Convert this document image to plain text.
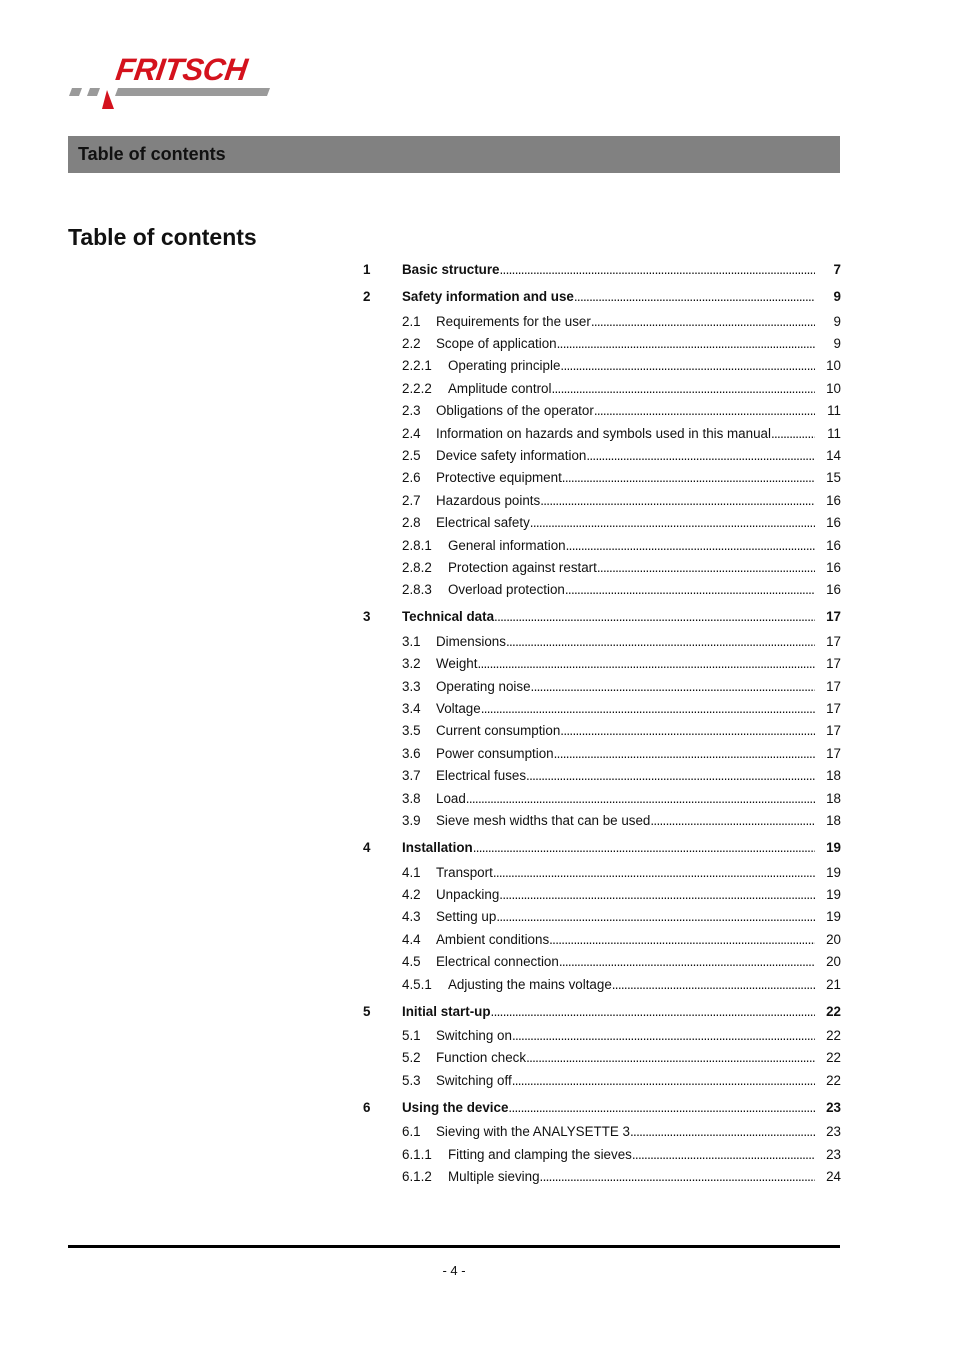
FRITSCH
Table of contents
Table of contents
1	Basic structure . . .	7
2	Safety information and use . . .	9
2.1	Requirements for the user . . .	9
2.2	Scope of application . . .	9
2.2.1	Operating principle . . .	10
2.2.2	Amplitude control . . .	10
2.3	Obligations of the operator . . .	11
2.4	Information on hazards and symbols used in this manual . . .	11
2.5	Device safety information . . .	14
2.6	Protective equipment . . .	15
2.7	Hazardous points . . .	16
2.8	Electrical safety . . .	16
2.8.1	General information . . .	16
2.8.2	Protection against restart . . .	16
2.8.3	Overload protection . . .	16
3	Technical data . . .	17
3.1	Dimensions . . .	17
3.2	Weight . . .	17
3.3	Operating noise . . .	17
3.4	Voltage . . .	17
3.5	Current consumption . . .	17
3.6	Power consumption . . .	17
3.7	Electrical fuses . . .	18
3.8	Load . . .	18
3.9	Sieve mesh widths that can be used . . .	18
4	Installation . . .	19
4.1	Transport . . .	19
4.2	Unpacking . . .	19
4.3	Setting up . . .	19
4.4	Ambient conditions . . .	20
4.5	Electrical connection . . .	20
4.5.1	Adjusting the mains voltage . . .	21
5	Initial start-up . . .	22
5.1	Switching on . . .	22
5.2	Function check . . .	22
5.3	Switching off . . .	22
6	Using the device . . .	23
6.1	Sieving with the ANALYSETTE 3 . . .	23
6.1.1	Fitting and clamping the sieves . . .	23
6.1.2	Multiple sieving . . .	24
- 4 -
